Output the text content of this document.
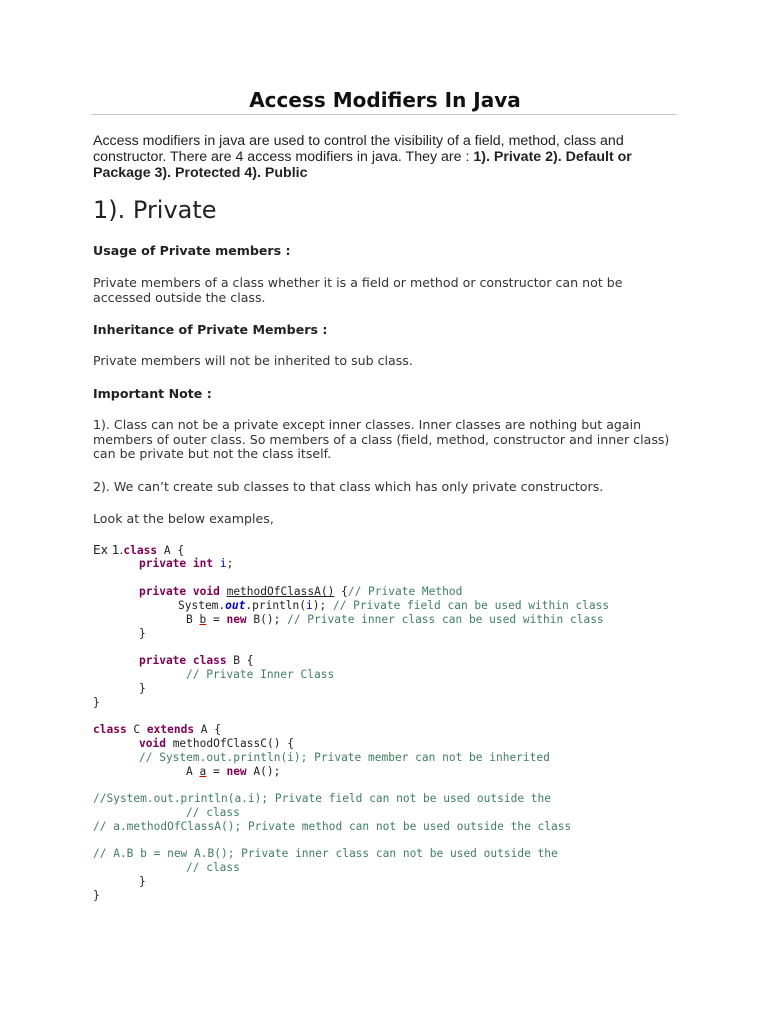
Access Modifiers In Java
Access modifiers in java are used to control the visibility of a field, method, class and constructor. There are 4 access modifiers in java. They are : 1). Private 2). Default or Package 3). Protected 4). Public
1). Private
Usage of Private members :
Private members of a class whether it is a field or method or constructor can not be accessed outside the class.
Inheritance of Private Members :
Private members will not be inherited to sub class.
Important Note :
1). Class can not be a private except inner classes. Inner classes are nothing but again members of outer class. So members of a class (field, method, constructor and inner class) can be private but not the class itself.
2). We can’t create sub classes to that class which has only private constructors.
Look at the below examples,
Ex 1.class A {
private int i;
private void methodOfClassA() {// Private Method
System.out.println(i); // Private field can be used within class
B b = new B(); // Private inner class can be used within class
}
private class B {
// Private Inner Class
}
}
class C extends A {
void methodOfClassC() {
// System.out.println(i); Private member can not be inherited
A a = new A();
//System.out.println(a.i); Private field can not be used outside the
// class
// a.methodOfClassA(); Private method can not be used outside the class
// A.B b = new A.B(); Private inner class can not be used outside the
// class
}
}
